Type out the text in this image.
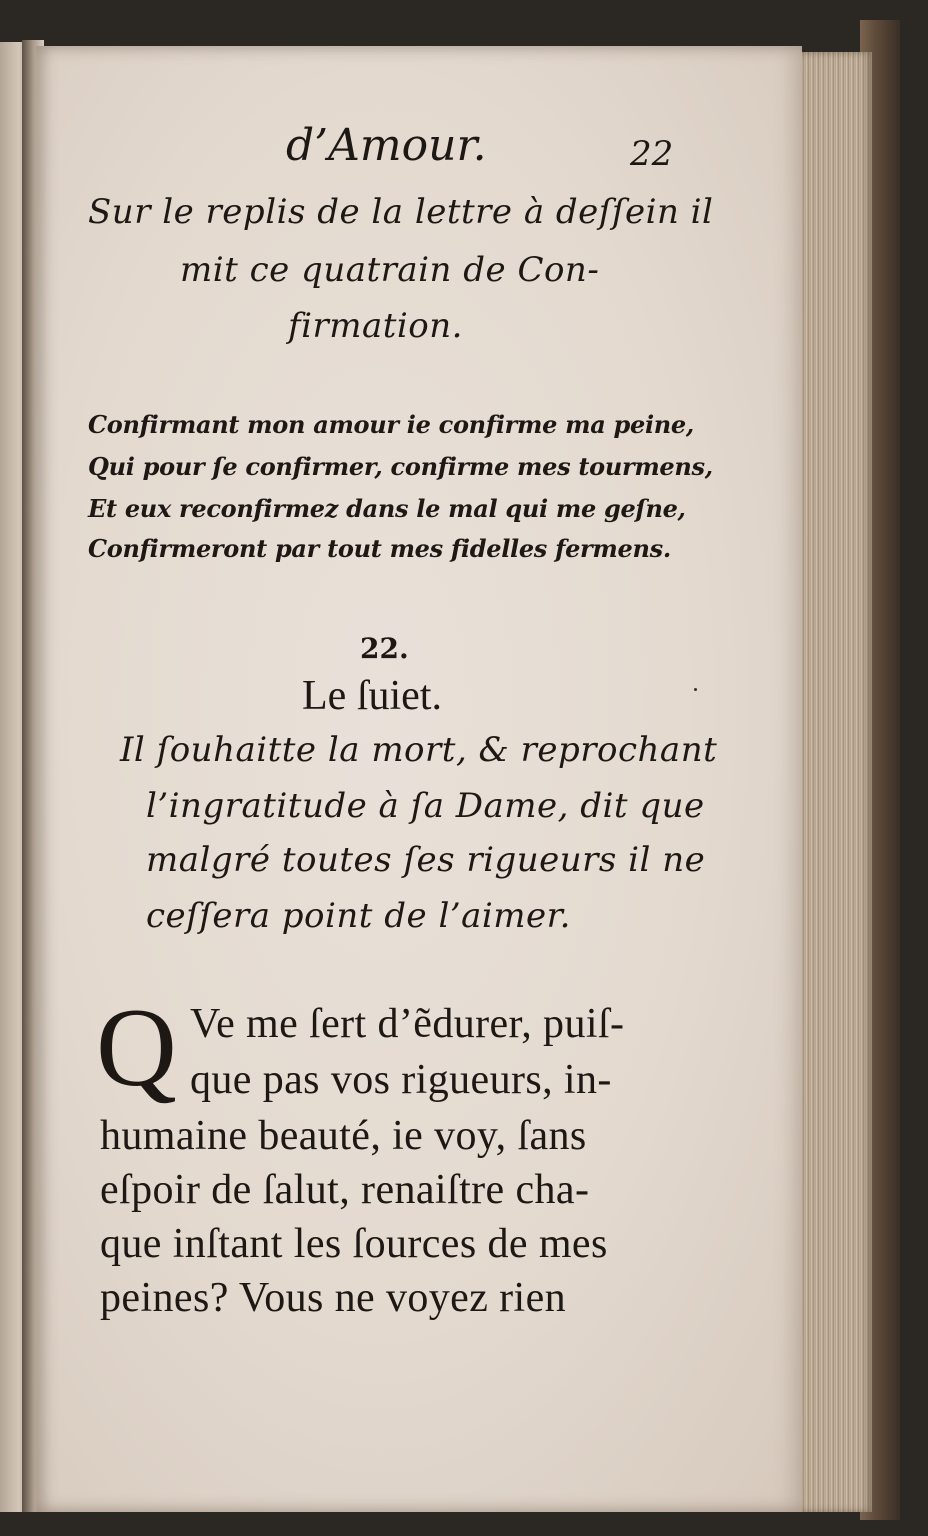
d’Amour.	22
Sur le replis de la lettre à deſſein il
mit ce quatrain de Con-
firmation.
Confirmant mon amour ie confirme ma peine,
Qui pour ſe confirmer, confirme mes tourmens,
Et eux reconfirmez dans le mal qui me geſne,
Confirmeront par tout mes fidelles fermens.
22.
Le ſuiet.
Il ſouhaitte la mort, & reprochant
l’ingratitude à ſa Dame, dit que
malgré toutes ſes rigueurs il ne
ceſſera point de l’aimer.
Q Ve me ſert d’ẽdurer, puiſ-
que pas vos rigueurs, in-
humaine beauté, ie voy, ſans
eſpoir de ſalut, renaiſtre cha-
que inſtant les ſources de mes
peines? Vous ne voyez rien
